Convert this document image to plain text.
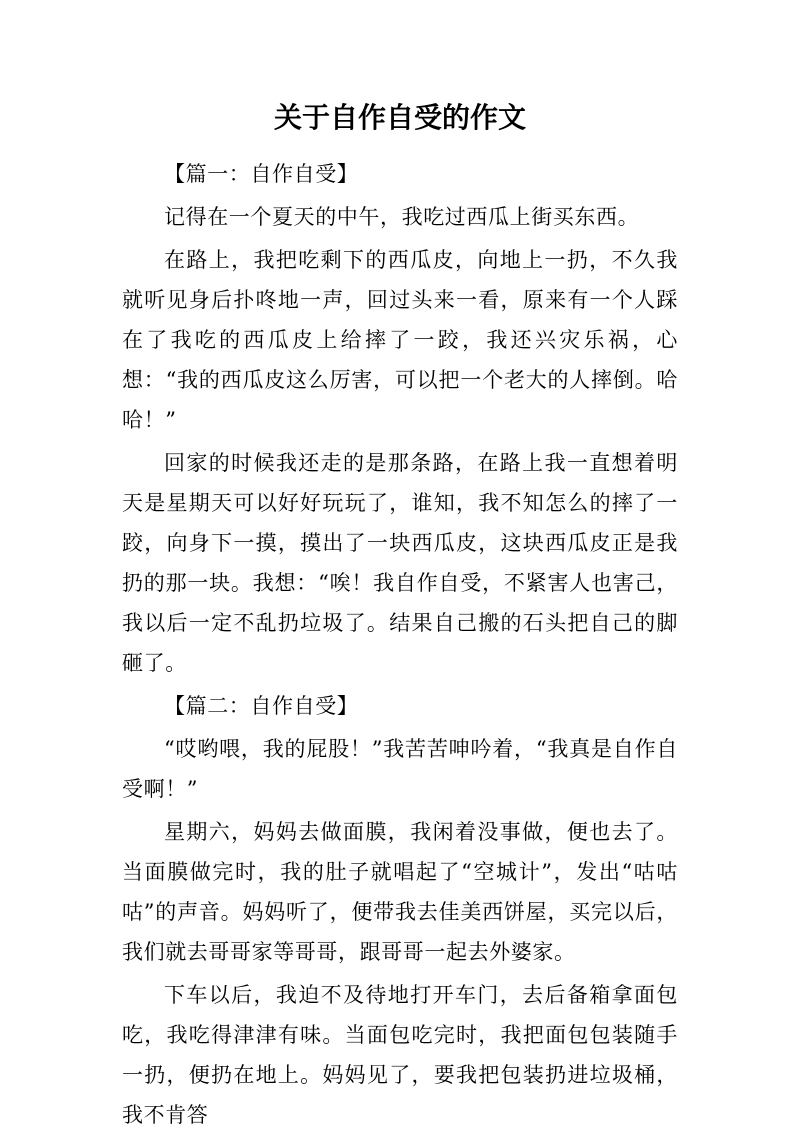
关于自作自受的作文

【篇一：自作自受】

记得在一个夏天的中午，我吃过西瓜上街买东西。

在路上，我把吃剩下的西瓜皮，向地上一扔，不久我就听见身后扑咚地一声，回过头来一看，原来有一个人踩在了我吃的西瓜皮上给摔了一跤，我还兴灾乐祸，心想：“我的西瓜皮这么厉害，可以把一个老大的人摔倒。哈哈！”

回家的时候我还走的是那条路，在路上我一直想着明天是星期天可以好好玩玩了，谁知，我不知怎么的摔了一跤，向身下一摸，摸出了一块西瓜皮，这块西瓜皮正是我扔的那一块。我想：“唉！我自作自受，不紧害人也害己，我以后一定不乱扔垃圾了。结果自己搬的石头把自己的脚砸了。

【篇二：自作自受】

“哎哟喂，我的屁股！”我苦苦呻吟着，“我真是自作自受啊！”

星期六，妈妈去做面膜，我闲着没事做，便也去了。当面膜做完时，我的肚子就唱起了“空城计”，发出“咕咕咕”的声音。妈妈听了，便带我去佳美西饼屋，买完以后，我们就去哥哥家等哥哥，跟哥哥一起去外婆家。

下车以后，我迫不及待地打开车门，去后备箱拿面包吃，我吃得津津有味。当面包吃完时，我把面包包装随手一扔，便扔在地上。妈妈见了，要我把包装扔进垃圾桶，我不肯答
